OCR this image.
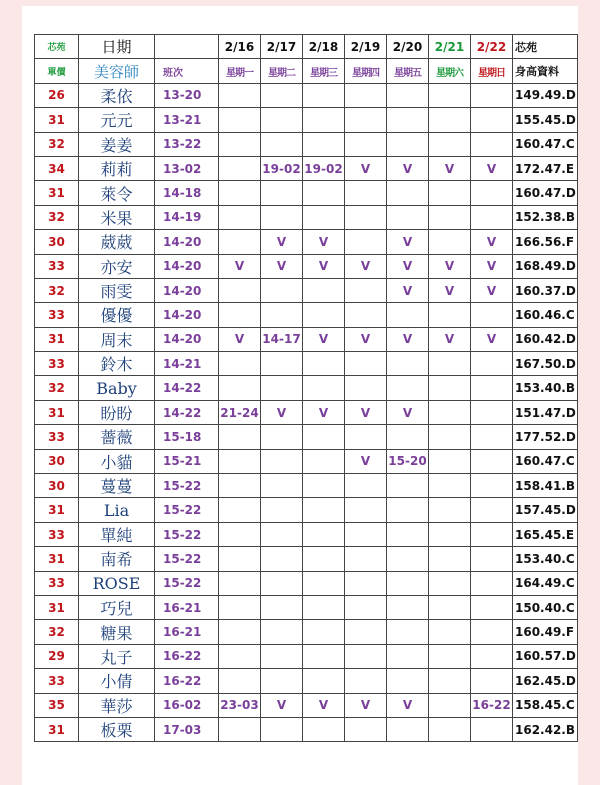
芯苑	日期		2/16	2/17	2/18	2/19	2/20	2/21	2/22	芯苑
單價	美容師	班次	星期一	星期二	星期三	星期四	星期五	星期六	星期日	身高資料
26	柔依	13-20								149.49.D
31	元元	13-21								155.45.D
32	姜姜	13-22								160.47.C
34	莉莉	13-02		19-02	19-02	V	V	V	V	172.47.E
31	萊令	14-18								160.47.D
32	米果	14-19								152.38.B
30	葳葳	14-20		V	V		V		V	166.56.F
33	亦安	14-20	V	V	V	V	V	V	V	168.49.D
32	雨雯	14-20					V	V	V	160.37.D
33	優優	14-20								160.46.C
31	周末	14-20	V	14-17	V	V	V	V	V	160.42.D
33	鈴木	14-21								167.50.D
32	Baby	14-22								153.40.B
31	盼盼	14-22	21-24	V	V	V	V			151.47.D
33	薔薇	15-18								177.52.D
30	小貓	15-21				V	15-20			160.47.C
30	蔓蔓	15-22								158.41.B
31	Lia	15-22								157.45.D
33	單純	15-22								165.45.E
31	南希	15-22								153.40.C
33	ROSE	15-22								164.49.C
31	巧兒	16-21								150.40.C
32	糖果	16-21								160.49.F
29	丸子	16-22								160.57.D
33	小倩	16-22								162.45.D
35	華莎	16-02	23-03	V	V	V	V		16-22	158.45.C
31	板栗	17-03								162.42.B
